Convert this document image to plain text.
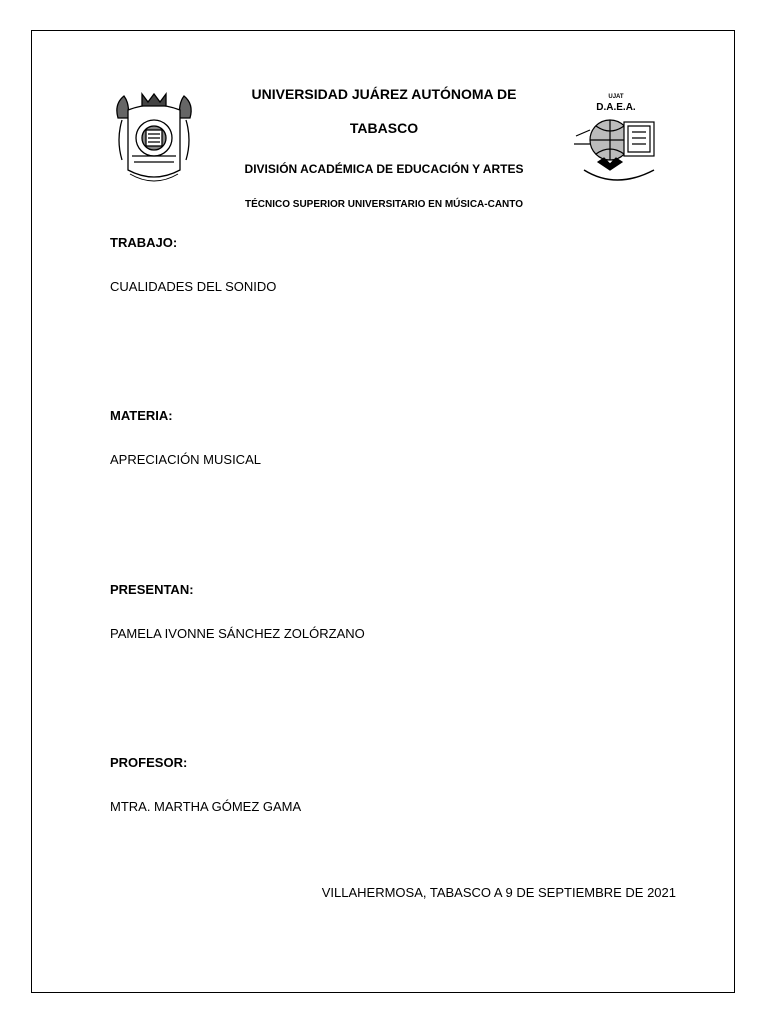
UJAT
D.A.E.A.
UNIVERSIDAD JUÁREZ AUTÓNOMA DE
TABASCO
DIVISIÓN ACADÉMICA DE EDUCACIÓN Y ARTES
TÉCNICO SUPERIOR UNIVERSITARIO EN MÚSICA-CANTO
TRABAJO:
CUALIDADES DEL SONIDO
MATERIA:
APRECIACIÓN MUSICAL
PRESENTAN:
PAMELA IVONNE SÁNCHEZ ZOLÓRZANO
PROFESOR:
MTRA. MARTHA GÓMEZ GAMA
VILLAHERMOSA, TABASCO A 9 DE SEPTIEMBRE DE 2021
